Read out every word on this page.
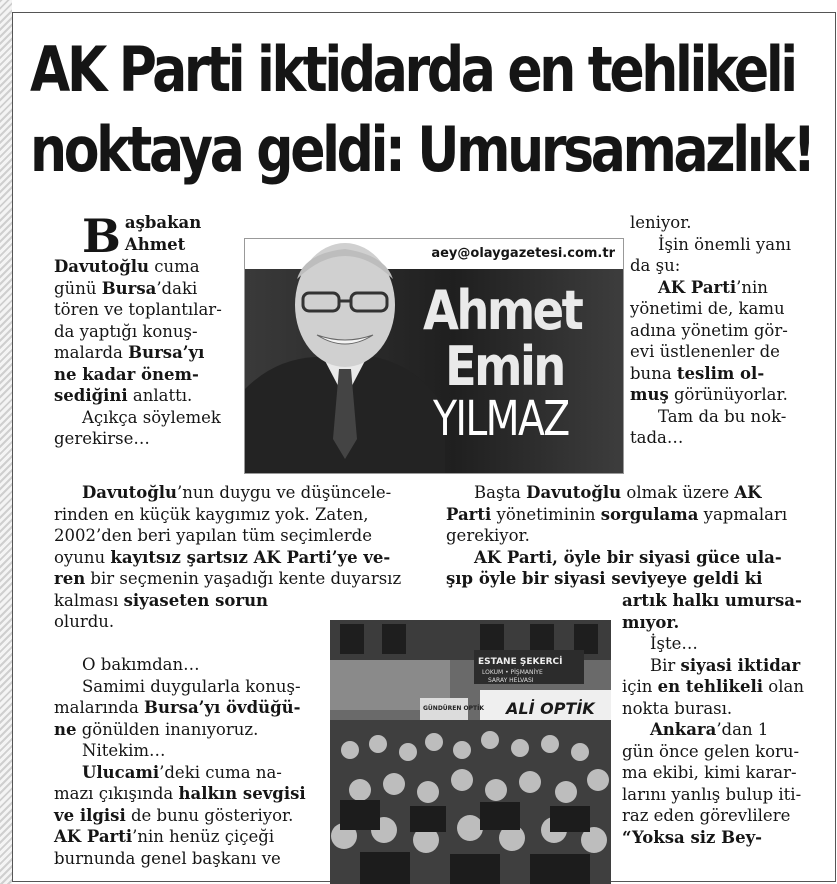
AK Parti iktidarda en tehlikeli
noktaya geldi: Umursamazlık!

Başbakan

Ahmet

Davutoğlu cuma

günü Bursa’daki

tören ve toplantılar-

da yaptığı konuş-

malarda Bursa’yı

ne kadar önem-

sediğini anlattı.

Açıkça söylemek

gerekirse…

aey@olaygazetesi.com.tr
Ahmet
Emin
YILMAZ

leniyor.

İşin önemli yanı

da şu:

AK Parti’nin

yönetimi de, kamu

adına yönetim gör-

evi üstlenenler de

buna teslim ol-

muş görünüyorlar.

Tam da bu nok-

tada…

Davutoğlu’nun duygu ve düşüncele-

rinden en küçük kaygımız yok. Zaten,

2002’den beri yapılan tüm seçimlerde

oyunu kayıtsız şartsız AK Parti’ye ve-

ren bir seçmenin yaşadığı kente duyarsız

kalması siyaseten sorun

olurdu.

Başta Davutoğlu olmak üzere AK

Parti yönetiminin sorgulama yapmaları

gerekiyor.

AK Parti, öyle bir siyasi güce ula-

şıp öyle bir siyasi seviyeye geldi ki

O bakımdan…

Samimi duygularla konuş-

malarında Bursa’yı övdüğü-

ne gönülden inanıyoruz.

Nitekim…

Ulucami’deki cuma na-

mazı çıkışında halkın sevgisi

ve ilgisi de bunu gösteriyor.

AK Parti’nin henüz çiçeği

burnunda genel başkanı ve

ESTANE ŞEKERCİ
LOKUM • PİŞMANİYE
SARAY HELVASI
ALİ OPTİK
GÜNDÜREN OPTİK

artık halkı umursa-

mıyor.

İşte…

Bir siyasi iktidar

için en tehlikeli olan

nokta burası.

Ankara’dan 1

gün önce gelen koru-

ma ekibi, kimi karar-

larını yanlış bulup iti-

raz eden görevlilere

“Yoksa siz Bey-
